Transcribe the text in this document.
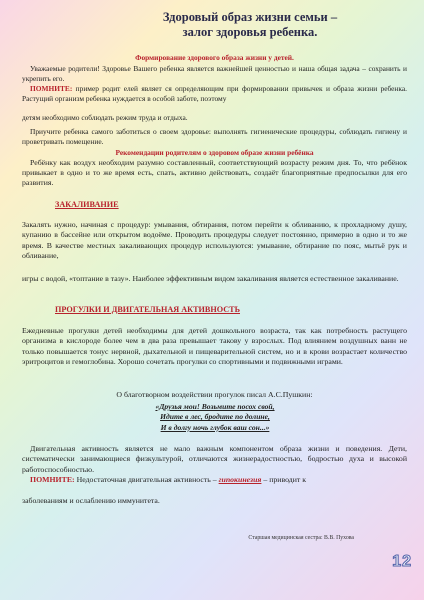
Здоровый образ жизни семьи –
залог здоровья ребенка.
Формирование здорового образа жизни у детей.
Уважаемые родители! Здоровье Вашего ребенка является важнейшей ценностью и наша общая задача – сохранить и укрепить его.
ПОМНИТЕ: пример родит елей являет ся определяющим при формировании привычек и образа жизни ребенка. Растущий организм ребенка нуждается в особой заботе, поэтому
детям необходимо соблюдать режим труда и отдыха.
Приучите ребенка самого заботиться о своем здоровье: выполнять гигиенические процедуры, соблюдать гигиену и проветривать помещение.
Рекомендации родителям о здоровом образе жизни ребёнка
Ребёнку как воздух необходим разумно составленный, соответствующий возрасту режим дня. То, что ребёнок привыкает в одно и то же время есть, спать, активно действовать, создаёт благоприятные предпосылки для его развития.
ЗАКАЛИВАНИЕ
Закалять нужно, начиная с процедур: умывания, обтирания, потом перейти к обливанию, к прохладному душу, купанию в бассейне или открытом водоёме. Проводить процедуры следует постоянно, примерно в одно и то же время. В качестве местных закаливающих процедур используются: умывание, обтирание по пояс, мытьё рук и обливание,
игры с водой, «топтание в тазу». Наиболее эффективным видом закаливания является естественное закаливание.
ПРОГУЛКИ И ДВИГАТЕЛЬНАЯ АКТИВНОСТЬ
Ежедневные прогулки детей необходимы для детей дошкольного возраста, так как потребность растущего организма в кислороде более чем в два раза превышает такову у взрослых. Под влиянием воздушных ванн не только повышается тонус нервной, дыхательной и пищеварительной систем, но и в крови возрастает количество эритроцитов и гемоглобина. Хорошо сочетать прогулки со спортивными и подвижными играми.
О благотворном воздействии прогулок писал А.С.Пушкин:
«Друзья мои! Возьмите посох свой,
Идите в лес, бродите по долине,
И в долгу ночь глубок ваш сон...»
Двигательная активность является не мало важным компонентом образа жизни и поведения. Дети, систематически занимающиеся физкультурой, отличаются жизнерадостностью, бодростью духа и высокой работоспособностью.
ПОМНИТЕ: Недостаточная двигательная активность – гипокинезия – приводит к
заболеваниям и ослаблению иммунитета.
Старшая медицинская сестра: В.В. Пухова
12
